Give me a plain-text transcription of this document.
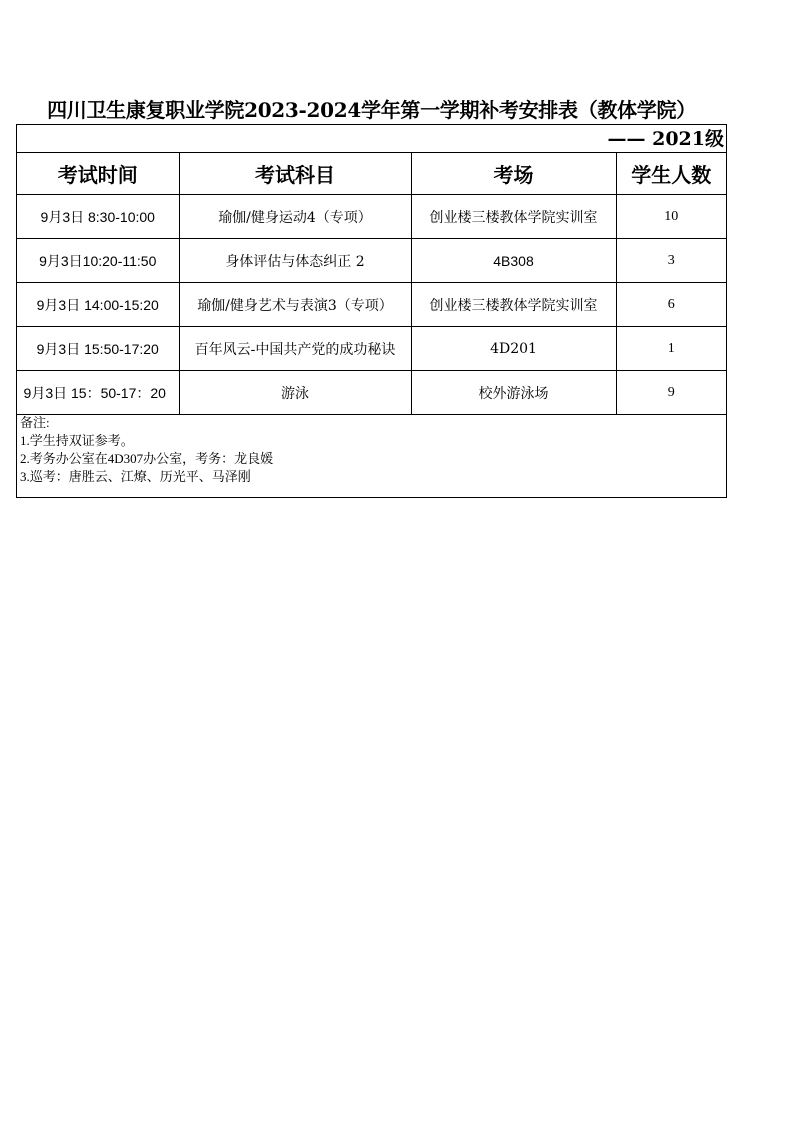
四川卫生康复职业学院2023-2024学年第一学期补考安排表（教体学院）
—— 2021级
考试时间	考试科目	考场	学生人数
9月3日 8:30-10:00	瑜伽/健身运动4（专项）	创业楼三楼教体学院实训室	10
9月3日10:20-11:50	身体评估与体态纠正 2	4B308	3
9月3日 14:00-15:20	瑜伽/健身艺术与表演3（专项）	创业楼三楼教体学院实训室	6
9月3日 15:50-17:20	百年风云-中国共产党的成功秘诀	4D201	1
9月3日 15：50-17：20	游泳	校外游泳场	9
备注:
1.学生持双证参考。
2.考务办公室在4D307办公室，考务：龙良媛
3.巡考：唐胜云、江燎、历光平、马泽刚
